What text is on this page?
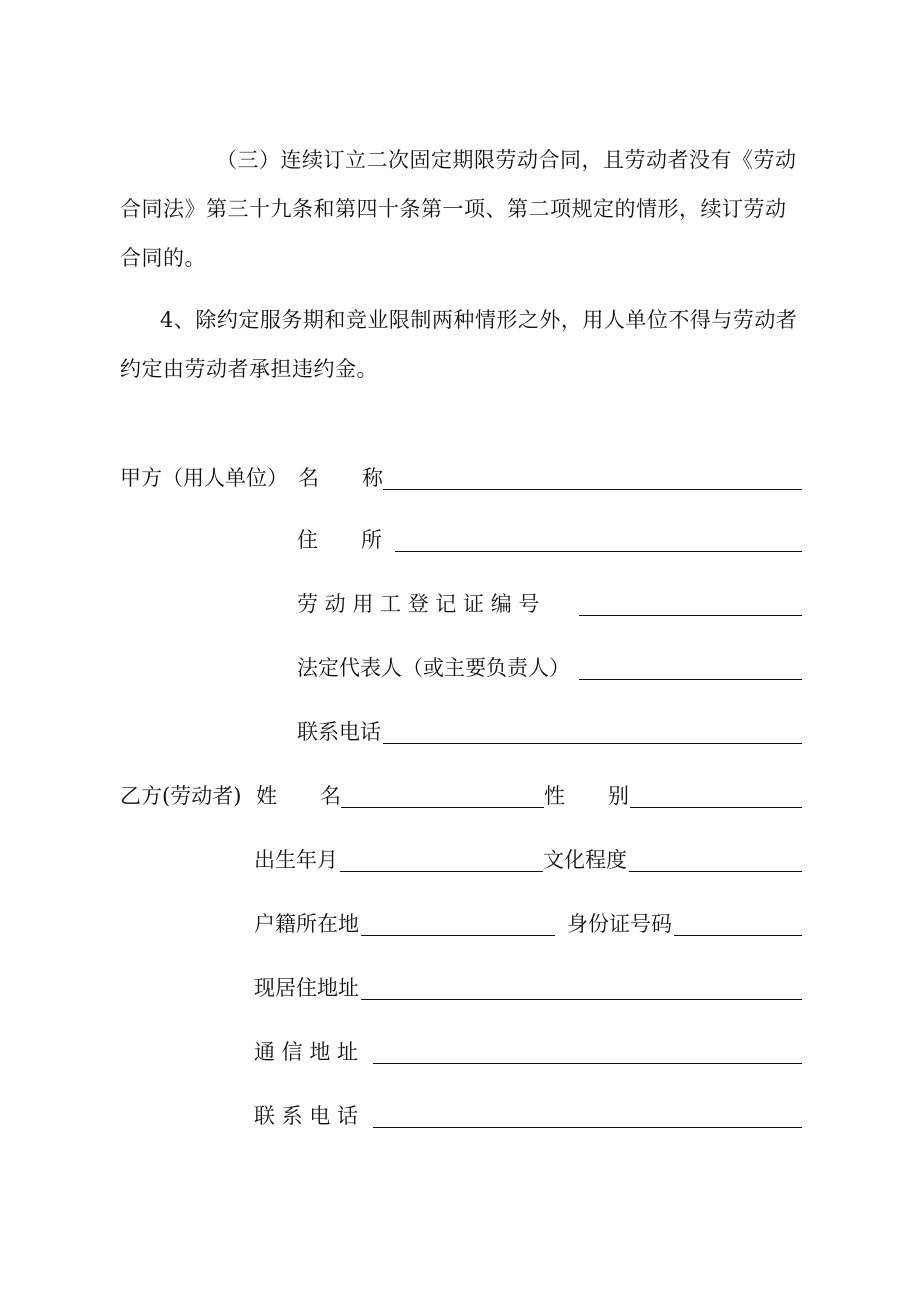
（三）连续订立二次固定期限劳动合同，且劳动者没有《劳动
合同法》第三十九条和第四十条第一项、第二项规定的情形，续订劳动
合同的。
4、除约定服务期和竞业限制两种情形之外，用人单位不得与劳动者
约定由劳动者承担违约金。
甲方（用人单位） 名	称
住	所
劳 动 用 工 登 记 证 编 号
法定代表人（或主要负责人）
联系电话
乙方(劳动者) 姓	名	性	别
出生年月	文化程度
户籍所在地	身份证号码
现居住地址
通 信 地 址
联 系 电 话
